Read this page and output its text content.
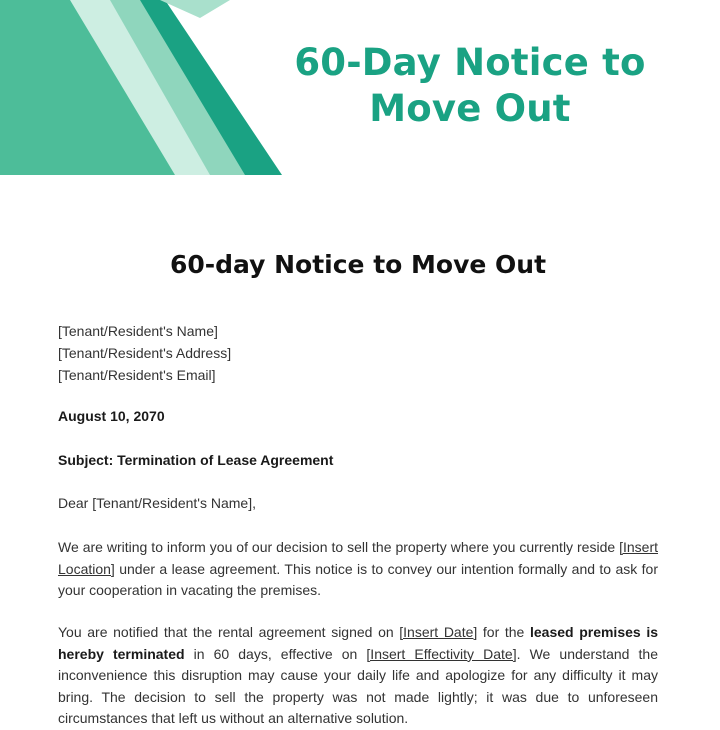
60-Day Notice to
Move Out
60-day Notice to Move Out
[Tenant/Resident's Name]
[Tenant/Resident's Address]
[Tenant/Resident's Email]
August 10, 2070
Subject: Termination of Lease Agreement
Dear [Tenant/Resident's Name],
We are writing to inform you of our decision to sell the property where you currently reside [Insert Location] under a lease agreement. This notice is to convey our intention formally and to ask for your cooperation in vacating the premises.
You are notified that the rental agreement signed on [Insert Date] for the leased premises is hereby terminated in 60 days, effective on [Insert Effectivity Date]. We understand the inconvenience this disruption may cause your daily life and apologize for any difficulty it may bring. The decision to sell the property was not made lightly; it was due to unforeseen circumstances that left us without an alternative solution.
